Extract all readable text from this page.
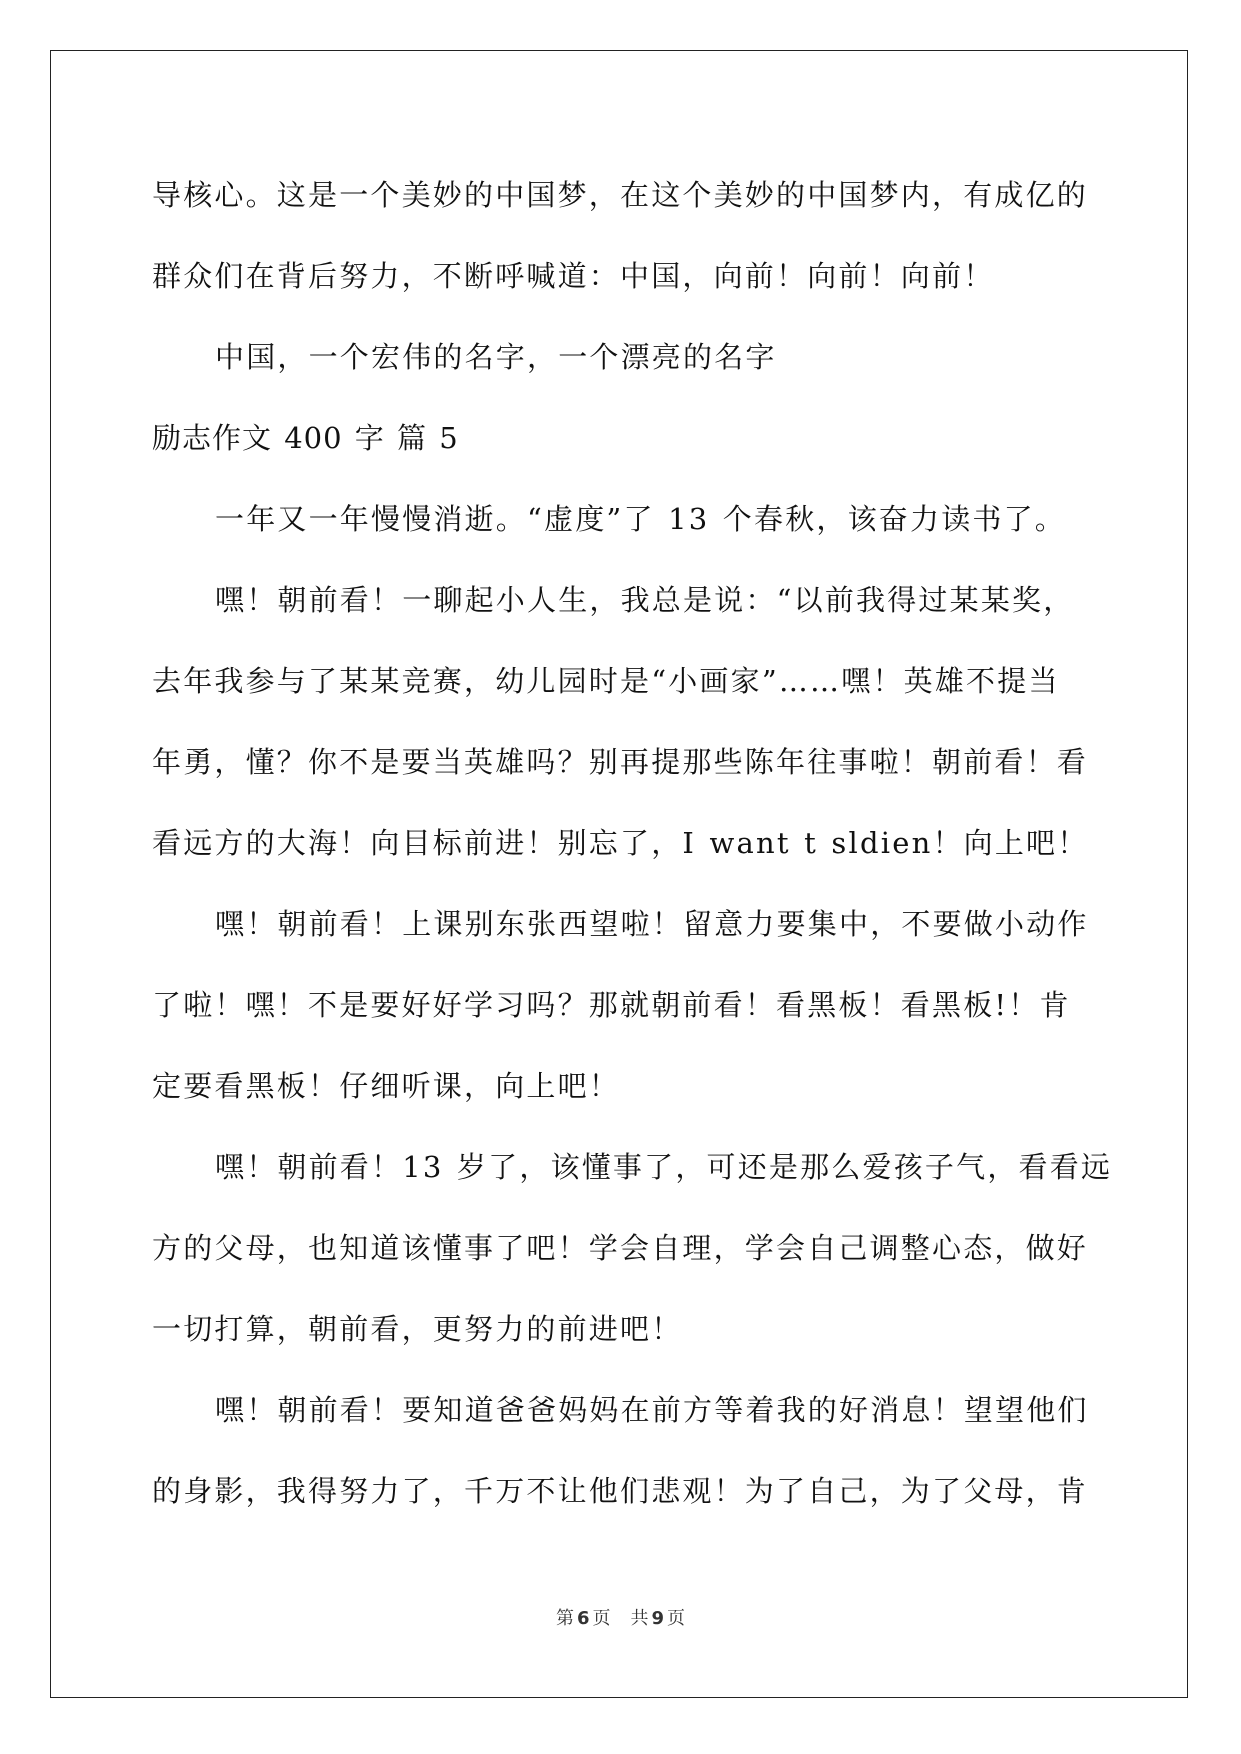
导核心。这是一个美妙的中国梦，在这个美妙的中国梦内，有成亿的

群众们在背后努力，不断呼喊道：中国，向前！向前！向前！

中国，一个宏伟的名字，一个漂亮的名字

励志作文 400 字 篇 5

一年又一年慢慢消逝。“虚度”了 13 个春秋，该奋力读书了。

嘿！朝前看！一聊起小人生，我总是说：“以前我得过某某奖，

去年我参与了某某竞赛，幼儿园时是“小画家”……嘿！英雄不提当

年勇，懂？你不是要当英雄吗？别再提那些陈年往事啦！朝前看！看

看远方的大海！向目标前进！别忘了，I want t sldien！向上吧！

嘿！朝前看！上课别东张西望啦！留意力要集中，不要做小动作

了啦！嘿！不是要好好学习吗？那就朝前看！看黑板！看黑板!！肯

定要看黑板！仔细听课，向上吧！

嘿！朝前看！13 岁了，该懂事了，可还是那么爱孩子气，看看远

方的父母，也知道该懂事了吧！学会自理，学会自己调整心态，做好

一切打算，朝前看，更努力的前进吧！

嘿！朝前看！要知道爸爸妈妈在前方等着我的好消息！望望他们

的身影，我得努力了，千万不让他们悲观！为了自己，为了父母，肯

第 6 页 共 9 页
